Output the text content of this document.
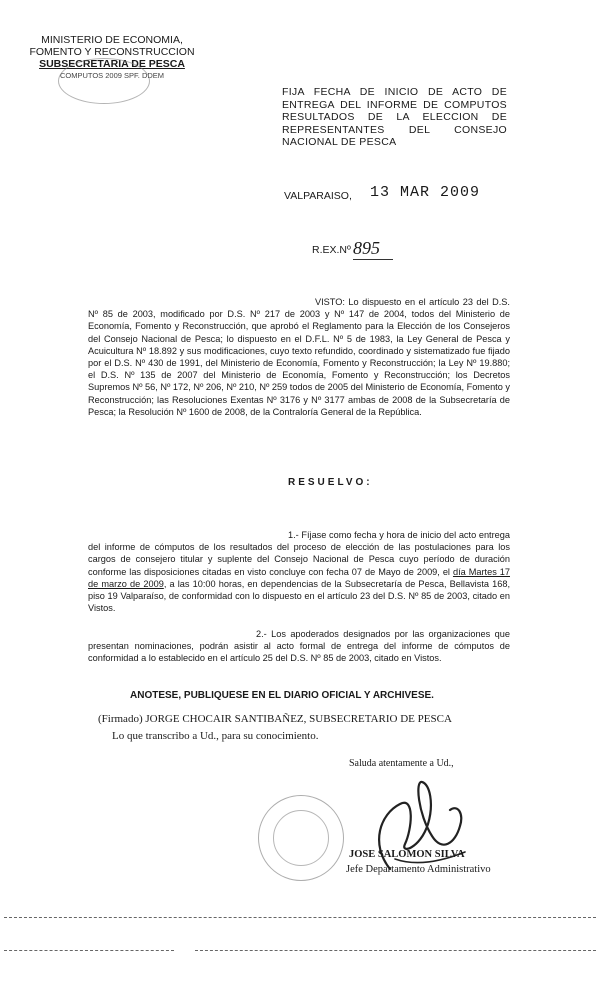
MINISTERIO DE ECONOMIA,
FOMENTO Y RECONSTRUCCION
SUBSECRETARIA DE PESCA
COMPUTOS 2009 SPF. DDEM
FIJA FECHA DE INICIO DE ACTO DE ENTREGA DEL INFORME DE COMPUTOS RESULTADOS DE LA ELECCION DE REPRESENTANTES DEL CONSEJO NACIONAL DE PESCA
VALPARAISO, 13 MAR 2009
R.EX.Nº 895
VISTO: Lo dispuesto en el artículo 23 del D.S. Nº 85 de 2003, modificado por D.S. Nº 217 de 2003 y Nº 147 de 2004, todos del Ministerio de Economía, Fomento y Reconstrucción, que aprobó el Reglamento para la Elección de los Consejeros del Consejo Nacional de Pesca; lo dispuesto en el D.F.L. Nº 5 de 1983, la Ley General de Pesca y Acuicultura Nº 18.892 y sus modificaciones, cuyo texto refundido, coordinado y sistematizado fue fijado por el D.S. Nº 430 de 1991, del Ministerio de Economía, Fomento y Reconstrucción; la Ley Nº 19.880; el D.S. Nº 135 de 2007 del Ministerio de Economía, Fomento y Reconstrucción; los Decretos Supremos Nº 56, Nº 172, Nº 206, Nº 210, Nº 259 todos de 2005 del Ministerio de Economía, Fomento y Reconstrucción; las Resoluciones Exentas Nº 3176 y Nº 3177 ambas de 2008 de la Subsecretaría de Pesca; la Resolución Nº 1600 de 2008, de la Contraloría General de la República.
RESUELVO:
1.- Fíjase como fecha y hora de inicio del acto entrega del informe de cómputos de los resultados del proceso de elección de las postulaciones para los cargos de consejero titular y suplente del Consejo Nacional de Pesca cuyo período de duración conforme las disposiciones citadas en visto concluye con fecha 07 de Mayo de 2009, el día Martes 17 de marzo de 2009, a las 10:00 horas, en dependencias de la Subsecretaría de Pesca, Bellavista 168, piso 19 Valparaíso, de conformidad con lo dispuesto en el artículo 23 del D.S. Nº 85 de 2003, citado en Vistos.
2.- Los apoderados designados por las organizaciones que presentan nominaciones, podrán asistir al acto formal de entrega del informe de cómputos de conformidad a lo establecido en el artículo 25 del D.S. Nº 85 de 2003, citado en Vistos.
ANOTESE, PUBLIQUESE EN EL DIARIO OFICIAL Y ARCHIVESE.
(Firmado) JORGE CHOCAIR SANTIBAÑEZ, SUBSECRETARIO DE PESCA
Lo que transcribo a Ud., para su conocimiento.
Saluda atentamente a Ud.,
JOSE SALOMON SILVA
Jefe Departamento Administrativo
